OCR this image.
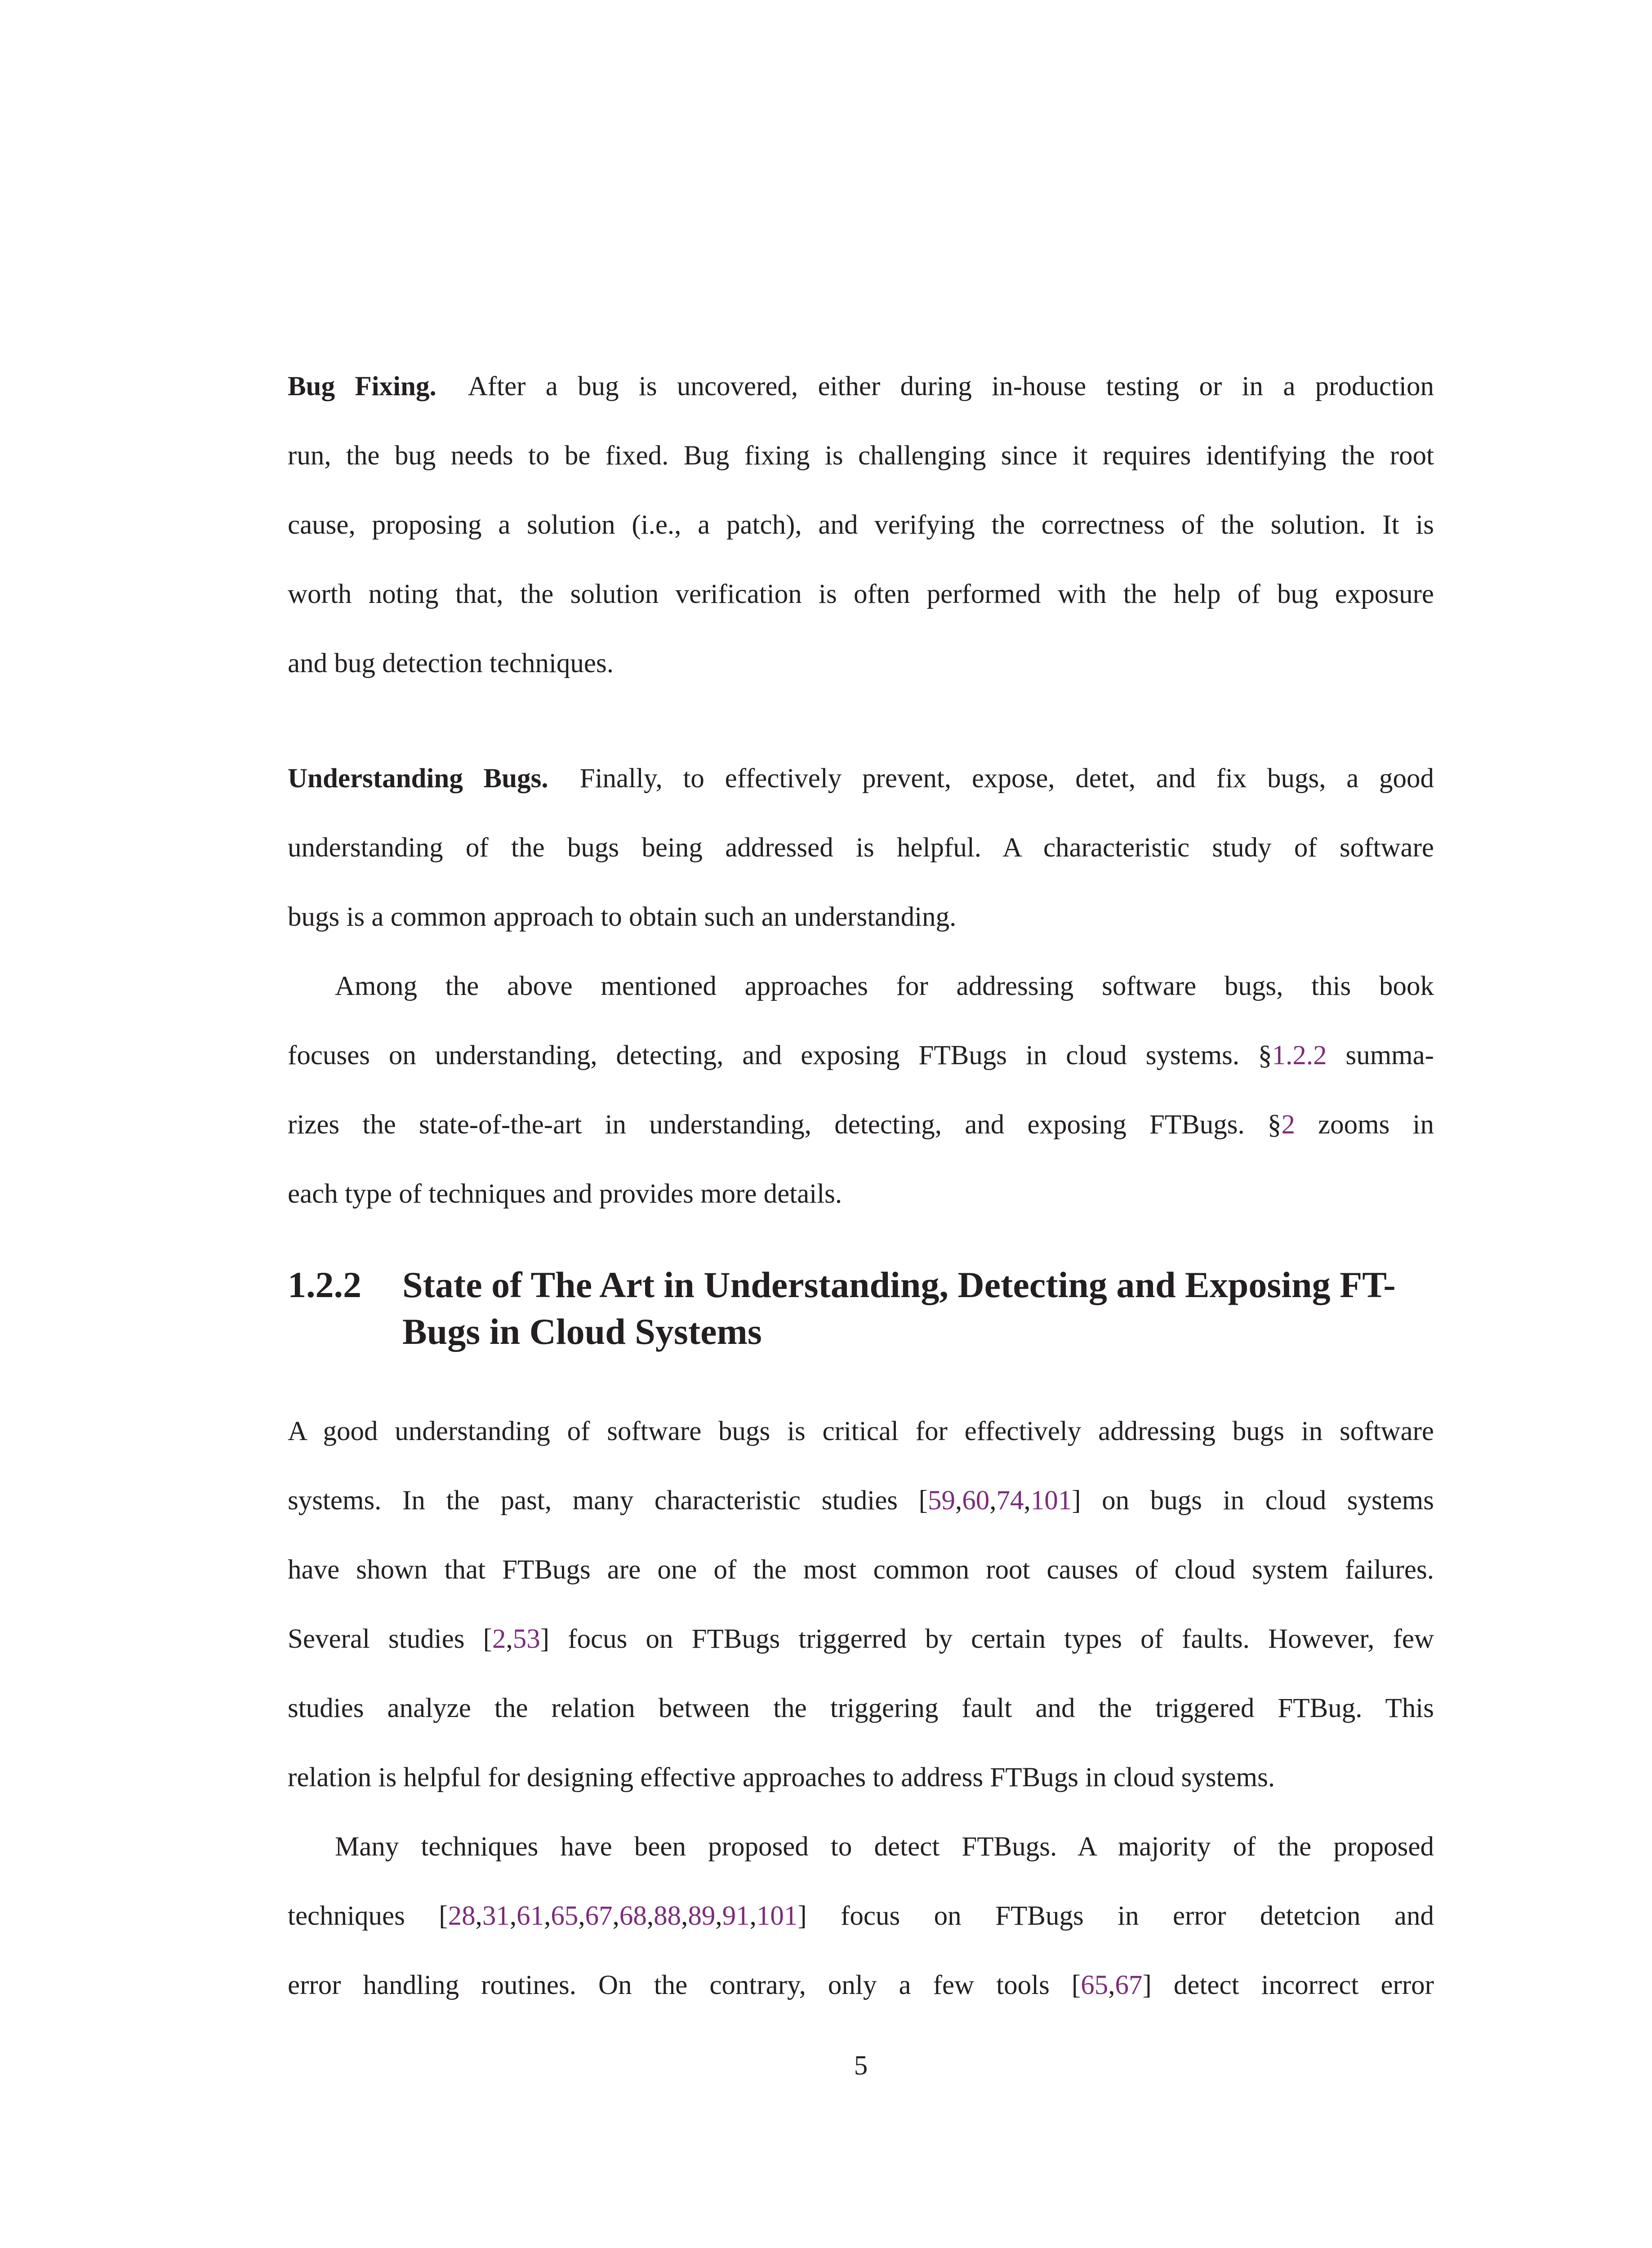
Bug Fixing. After a bug is uncovered, either during in-house testing or in a production
run, the bug needs to be fixed. Bug fixing is challenging since it requires identifying the root
cause, proposing a solution (i.e., a patch), and verifying the correctness of the solution. It is
worth noting that, the solution verification is often performed with the help of bug exposure
and bug detection techniques.
Understanding Bugs. Finally, to effectively prevent, expose, detet, and fix bugs, a good
understanding of the bugs being addressed is helpful. A characteristic study of software
bugs is a common approach to obtain such an understanding.
Among the above mentioned approaches for addressing software bugs, this book
focuses on understanding, detecting, and exposing FTBugs in cloud systems. §1.2.2 summa-
rizes the state-of-the-art in understanding, detecting, and exposing FTBugs. §2 zooms in
each type of techniques and provides more details.
1.2.2 State of The Art in Understanding, Detecting and Exposing FT-
Bugs in Cloud Systems
A good understanding of software bugs is critical for effectively addressing bugs in software
systems. In the past, many characteristic studies [59,60,74,101] on bugs in cloud systems
have shown that FTBugs are one of the most common root causes of cloud system failures.
Several studies [2,53] focus on FTBugs triggerred by certain types of faults. However, few
studies analyze the relation between the triggering fault and the triggered FTBug. This
relation is helpful for designing effective approaches to address FTBugs in cloud systems.
Many techniques have been proposed to detect FTBugs. A majority of the proposed
techniques [28,31,61,65,67,68,88,89,91,101] focus on FTBugs in error detetcion and
error handling routines. On the contrary, only a few tools [65,67] detect incorrect error
5
